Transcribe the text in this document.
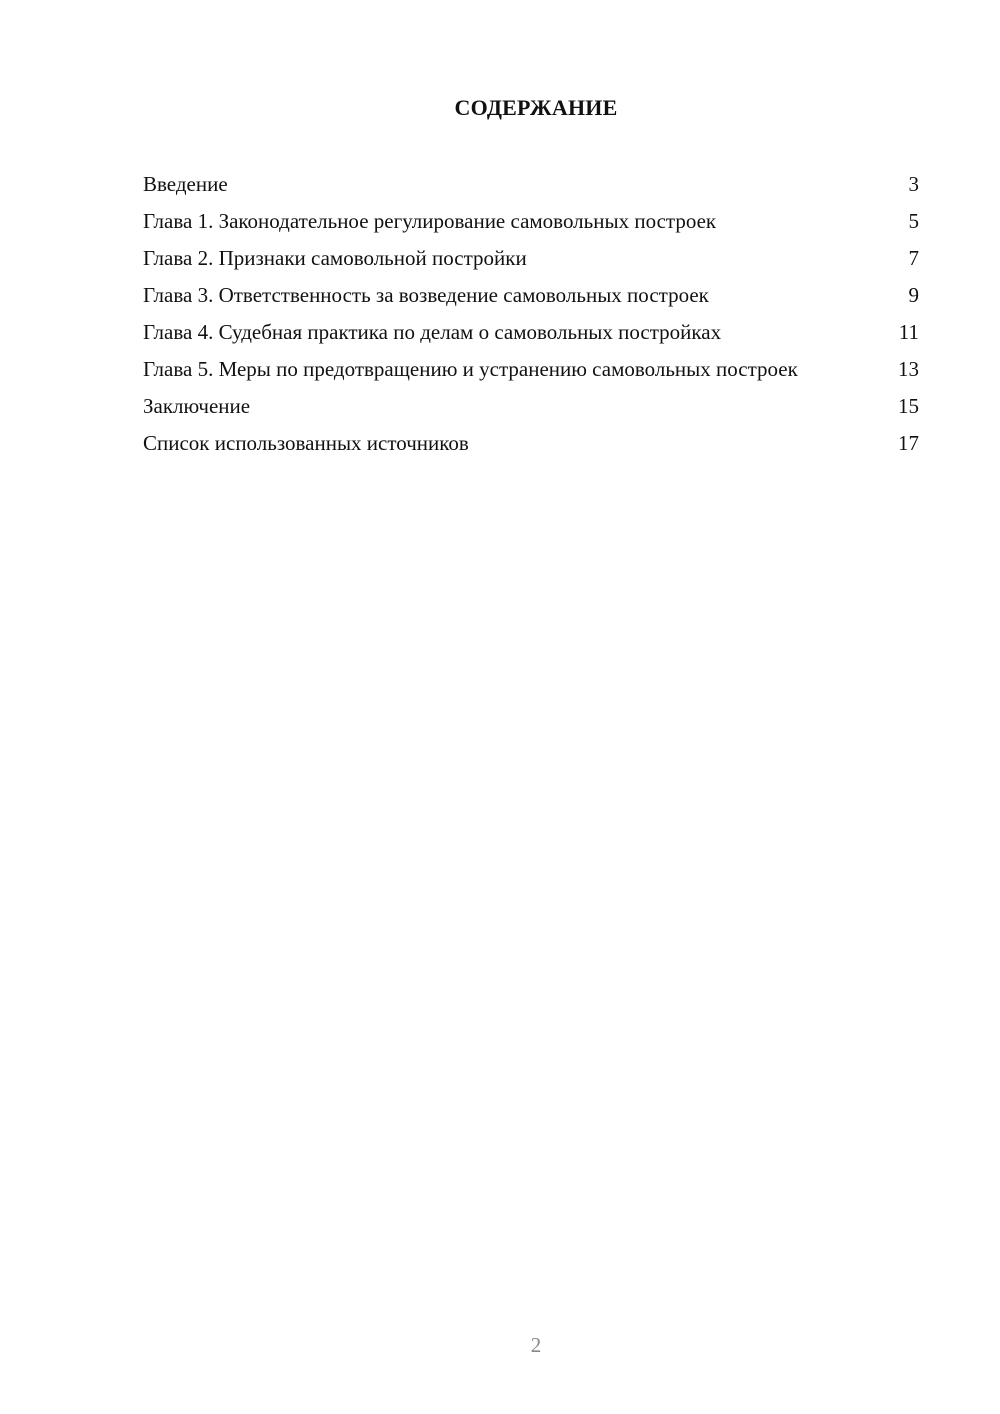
СОДЕРЖАНИЕ
Введение	3
Глава 1. Законодательное регулирование самовольных построек	5
Глава 2. Признаки самовольной постройки	7
Глава 3. Ответственность за возведение самовольных построек	9
Глава 4. Судебная практика по делам о самовольных постройках	11
Глава 5. Меры по предотвращению и устранению самовольных построек	13
Заключение	15
Список использованных источников	17
2
